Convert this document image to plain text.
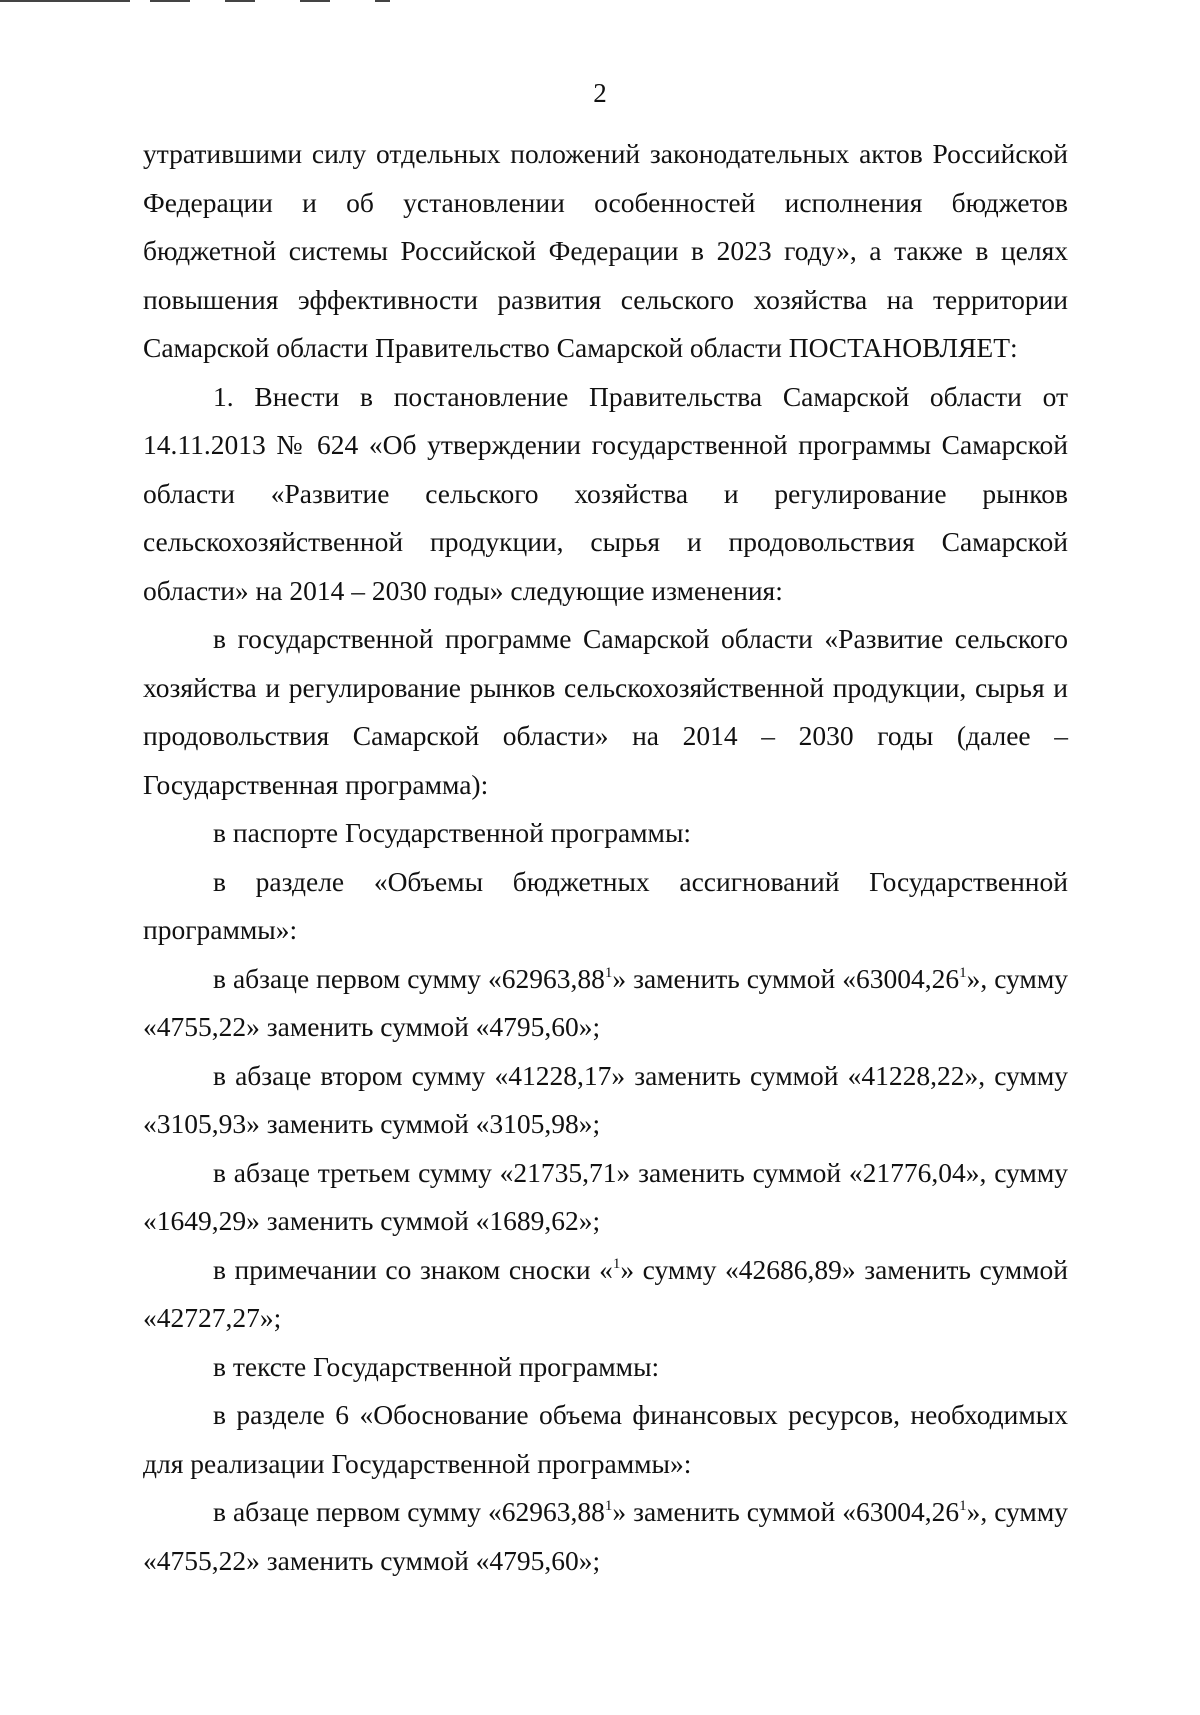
2

утратившими силу отдельных положений законодательных актов Российской Федерации и об установлении особенностей исполнения бюджетов бюджетной системы Российской Федерации в 2023 году», а также в целях повышения эффективности развития сельского хозяйства на территории Самарской области Правительство Самарской области ПОСТАНОВЛЯЕТ:

1. Внести в постановление Правительства Самарской области от 14.11.2013 № 624 «Об утверждении государственной программы Самарской области «Развитие сельского хозяйства и регулирование рынков сельскохозяйственной продукции, сырья и продовольствия Самарской области» на 2014 – 2030 годы» следующие изменения:

в государственной программе Самарской области «Развитие сельского хозяйства и регулирование рынков сельскохозяйственной продукции, сырья и продовольствия Самарской области» на 2014 – 2030 годы (далее – Государственная программа):

в паспорте Государственной программы:

в разделе «Объемы бюджетных ассигнований Государственной программы»:

в абзаце первом сумму «62963,88$^1$» заменить суммой «63004,26$^1$», сумму «4755,22» заменить суммой «4795,60»;

в абзаце втором сумму «41228,17» заменить суммой «41228,22», сумму «3105,93» заменить суммой «3105,98»;

в абзаце третьем сумму «21735,71» заменить суммой «21776,04», сумму «1649,29» заменить суммой «1689,62»;

в примечании со знаком сноски «$^1$» сумму «42686,89» заменить суммой «42727,27»;

в тексте Государственной программы:

в разделе 6 «Обоснование объема финансовых ресурсов, необходимых для реализации Государственной программы»:

в абзаце первом сумму «62963,88$^1$» заменить суммой «63004,26$^1$», сумму «4755,22» заменить суммой «4795,60»;
